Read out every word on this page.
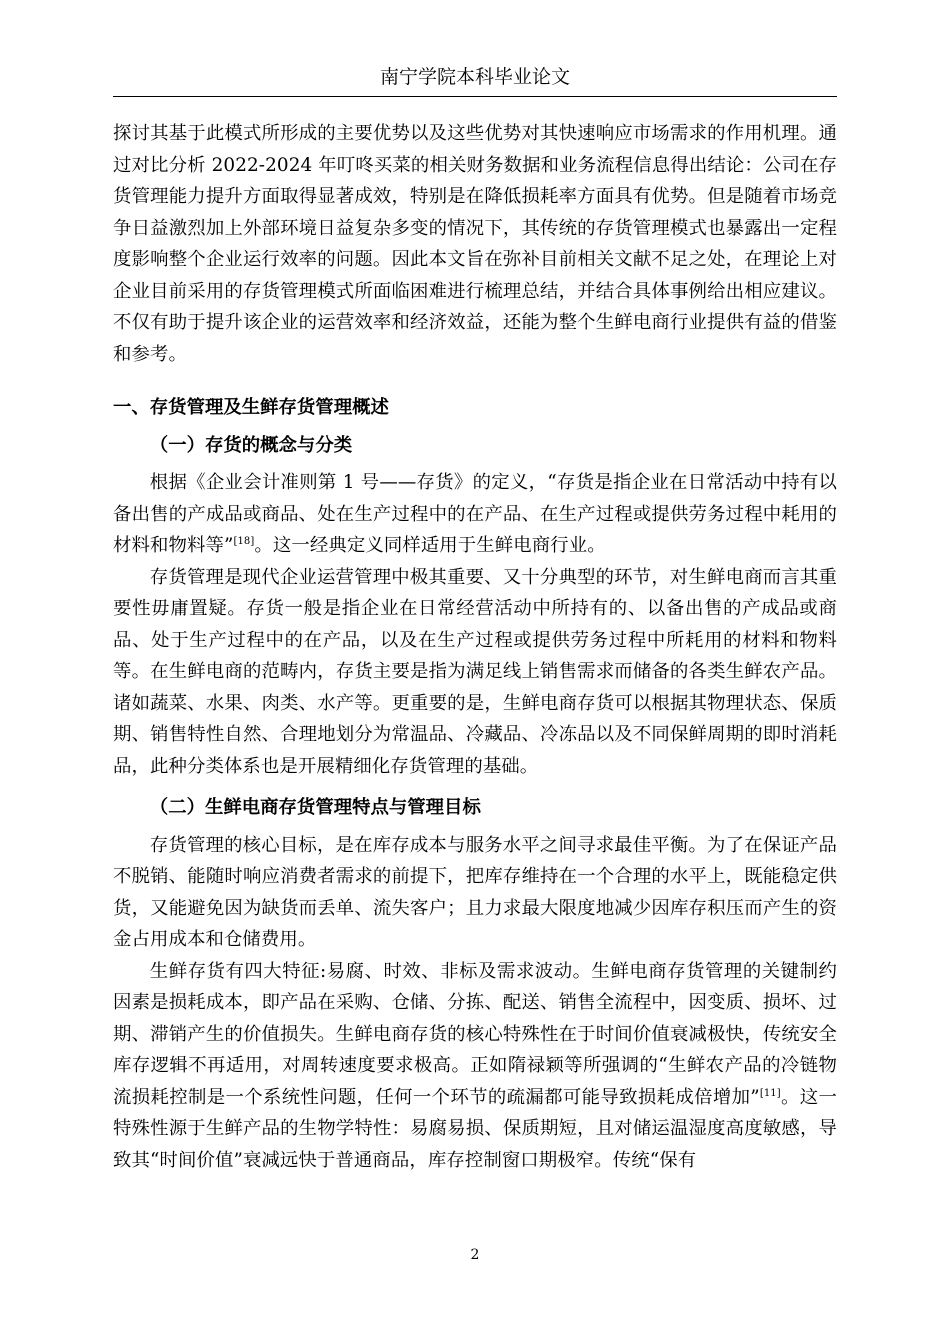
南宁学院本科毕业论文

探讨其基于此模式所形成的主要优势以及这些优势对其快速响应市场需求的作用机理。通过对比分析 2022-2024 年叮咚买菜的相关财务数据和业务流程信息得出结论：公司在存货管理能力提升方面取得显著成效，特别是在降低损耗率方面具有优势。但是随着市场竞争日益激烈加上外部环境日益复杂多变的情况下，其传统的存货管理模式也暴露出一定程度影响整个企业运行效率的问题。因此本文旨在弥补目前相关文献不足之处，在理论上对企业目前采用的存货管理模式所面临困难进行梳理总结，并结合具体事例给出相应建议。不仅有助于提升该企业的运营效率和经济效益，还能为整个生鲜电商行业提供有益的借鉴和参考。

一、存货管理及生鲜存货管理概述
（一）存货的概念与分类

根据《企业会计准则第 1 号——存货》的定义，“存货是指企业在日常活动中持有以备出售的产成品或商品、处在生产过程中的在产品、在生产过程或提供劳务过程中耗用的材料和物料等”[18]。这一经典定义同样适用于生鲜电商行业。

存货管理是现代企业运营管理中极其重要、又十分典型的环节，对生鲜电商而言其重要性毋庸置疑。存货一般是指企业在日常经营活动中所持有的、以备出售的产成品或商品、处于生产过程中的在产品，以及在生产过程或提供劳务过程中所耗用的材料和物料等。在生鲜电商的范畴内，存货主要是指为满足线上销售需求而储备的各类生鲜农产品。诸如蔬菜、水果、肉类、水产等。更重要的是，生鲜电商存货可以根据其物理状态、保质期、销售特性自然、合理地划分为常温品、冷藏品、冷冻品以及不同保鲜周期的即时消耗品，此种分类体系也是开展精细化存货管理的基础。

（二）生鲜电商存货管理特点与管理目标

存货管理的核心目标，是在库存成本与服务水平之间寻求最佳平衡。为了在保证产品不脱销、能随时响应消费者需求的前提下，把库存维持在一个合理的水平上，既能稳定供货，又能避免因为缺货而丢单、流失客户；且力求最大限度地减少因库存积压而产生的资金占用成本和仓储费用。

生鲜存货有四大特征:易腐、时效、非标及需求波动。生鲜电商存货管理的关键制约因素是损耗成本，即产品在采购、仓储、分拣、配送、销售全流程中，因变质、损坏、过期、滞销产生的价值损失。生鲜电商存货的核心特殊性在于时间价值衰减极快，传统安全库存逻辑不再适用，对周转速度要求极高。正如隋禄颖等所强调的“生鲜农产品的冷链物流损耗控制是一个系统性问题，任何一个环节的疏漏都可能导致损耗成倍增加”[11]。这一特殊性源于生鲜产品的生物学特性：易腐易损、保质期短，且对储运温湿度高度敏感，导致其“时间价值”衰减远快于普通商品，库存控制窗口期极窄。传统“保有

2
